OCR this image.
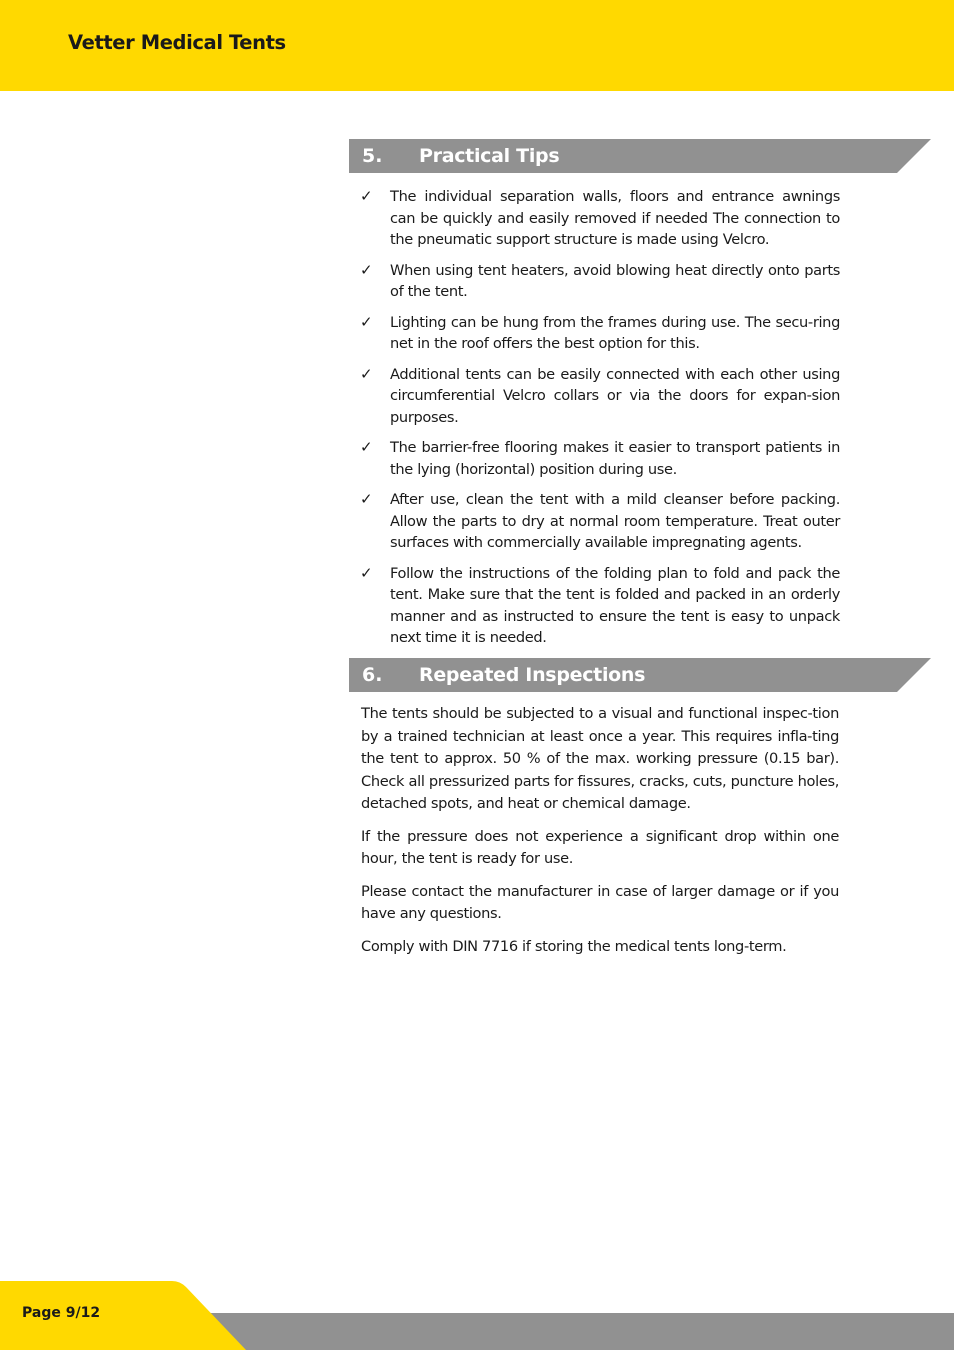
Vetter Medical Tents
5. Practical Tips
✓ The individual separation walls, floors and entrance awnings can be quickly and easily removed if needed The connection to the pneumatic support structure is made using Velcro.
✓ When using tent heaters, avoid blowing heat directly onto parts of the tent.
✓ Lighting can be hung from the frames during use. The secu-ring net in the roof offers the best option for this.
✓ Additional tents can be easily connected with each other using circumferential Velcro collars or via the doors for expan-sion purposes.
✓ The barrier-free flooring makes it easier to transport patients in the lying (horizontal) position during use.
✓ After use, clean the tent with a mild cleanser before packing. Allow the parts to dry at normal room temperature. Treat outer surfaces with commercially available impregnating agents.
✓ Follow the instructions of the folding plan to fold and pack the tent. Make sure that the tent is folded and packed in an orderly manner and as instructed to ensure the tent is easy to unpack next time it is needed.
6. Repeated Inspections

The tents should be subjected to a visual and functional inspec-tion by a trained technician at least once a year. This requires infla-ting the tent to approx. 50 % of the max. working pressure (0.15 bar). Check all pressurized parts for fissures, cracks, cuts, puncture holes, detached spots, and heat or chemical damage.

If the pressure does not experience a significant drop within one hour, the tent is ready for use.

Please contact the manufacturer in case of larger damage or if you have any questions.

Comply with DIN 7716 if storing the medical tents long-term.

Page 9/12
